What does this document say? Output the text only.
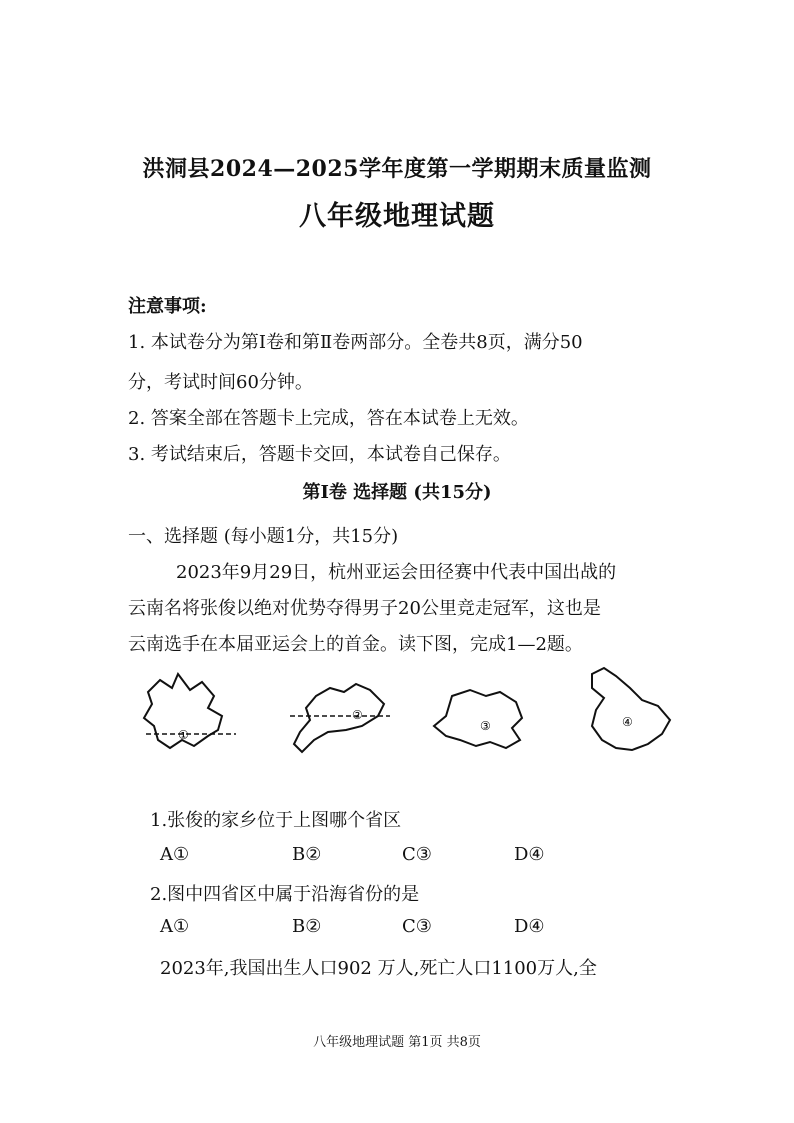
洪洞县2024—2025学年度第一学期期末质量监测
八年级地理试题
注意事项:
1. 本试卷分为第Ⅰ卷和第Ⅱ卷两部分。全卷共8页，满分50
分，考试时间60分钟。
2. 答案全部在答题卡上完成，答在本试卷上无效。
3. 考试结束后，答题卡交回，本试卷自己保存。
第Ⅰ卷 选择题 (共15分)
一、选择题 (每小题1分，共15分)
2023年9月29日，杭州亚运会田径赛中代表中国出战的
云南名将张俊以绝对优势夺得男子20公里竞走冠军，这也是
云南选手在本届亚运会上的首金。读下图，完成1—2题。
①
②
③	④
1.张俊的家乡位于上图哪个省区
A①	B②	C③	D④
2.图中四省区中属于沿海省份的是
A①	B②	C③	D④
2023年,我国出生人口902 万人,死亡人口1100万人,全
八年级地理试题 第1页 共8页
